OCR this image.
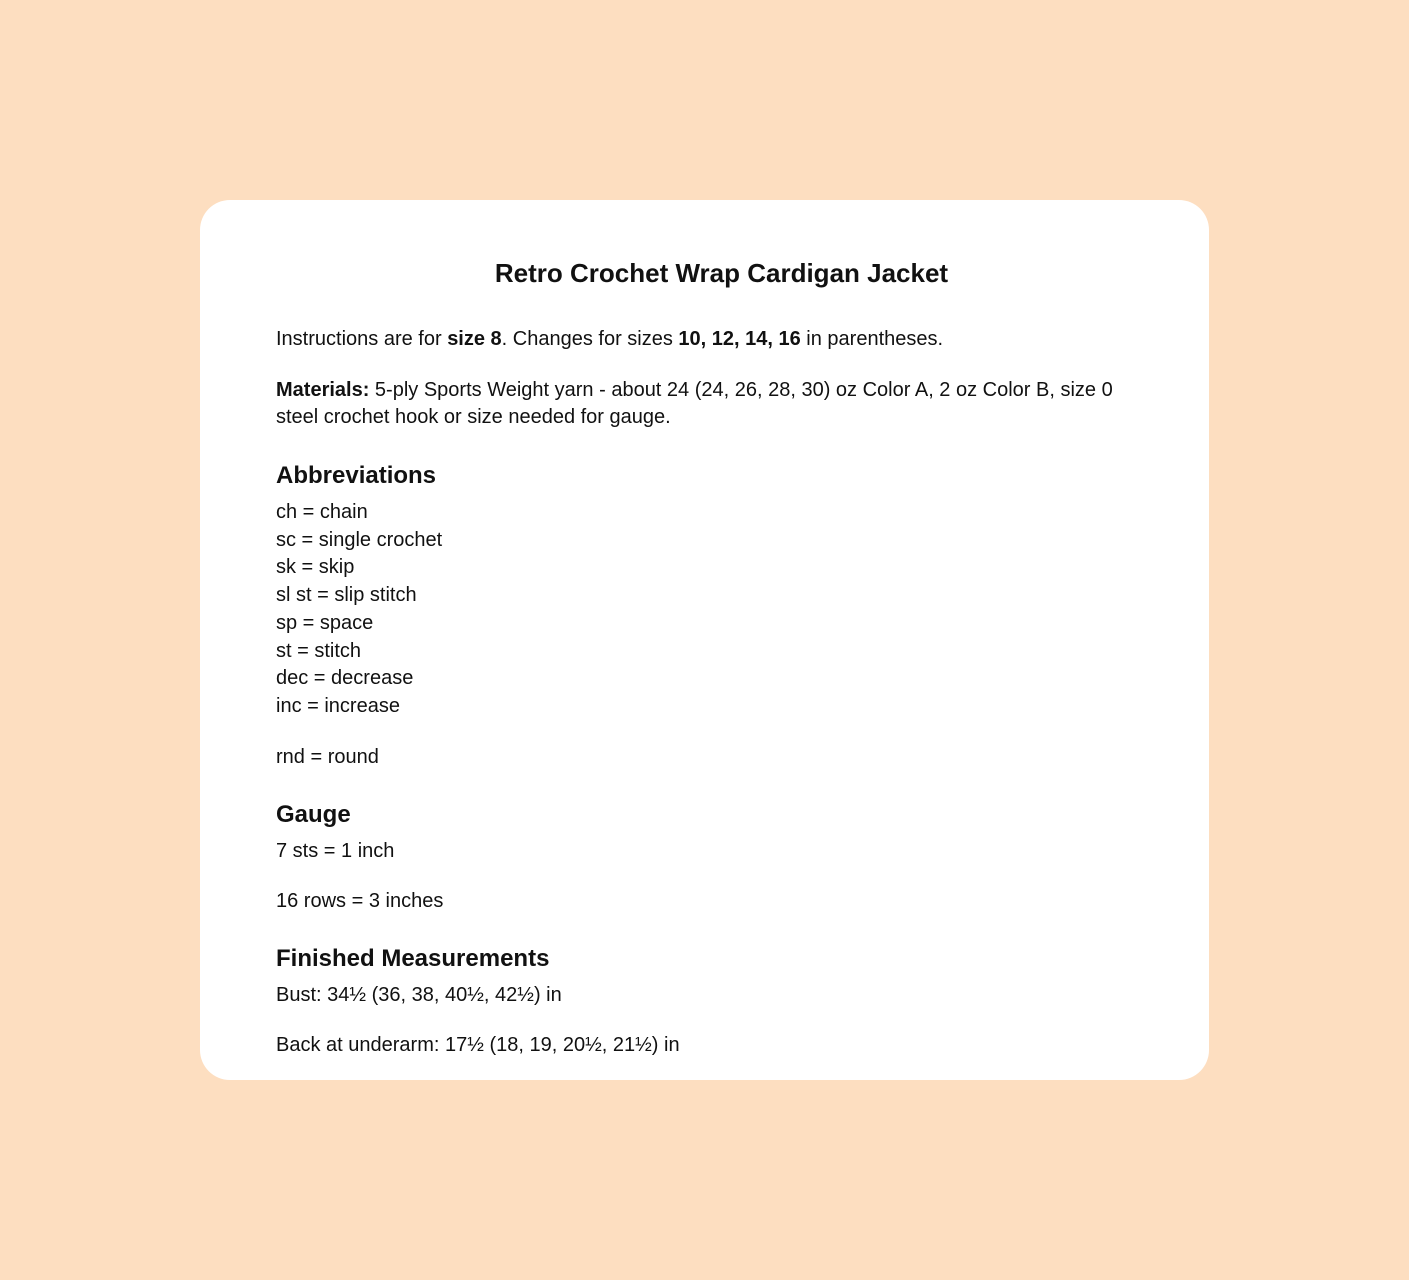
Retro Crochet Wrap Cardigan Jacket

Instructions are for size 8. Changes for sizes 10, 12, 14, 16 in parentheses.

Materials: 5-ply Sports Weight yarn - about 24 (24, 26, 28, 30) oz Color A, 2 oz Color B, size 0 steel crochet hook or size needed for gauge.

Abbreviations
ch = chain
sc = single crochet
sk = skip
sl st = slip stitch
sp = space
st = stitch
dec = decrease
inc = increase

rnd = round

Gauge

7 sts = 1 inch

16 rows = 3 inches

Finished Measurements

Bust: 34½ (36, 38, 40½, 42½) in

Back at underarm: 17½ (18, 19, 20½, 21½) in
